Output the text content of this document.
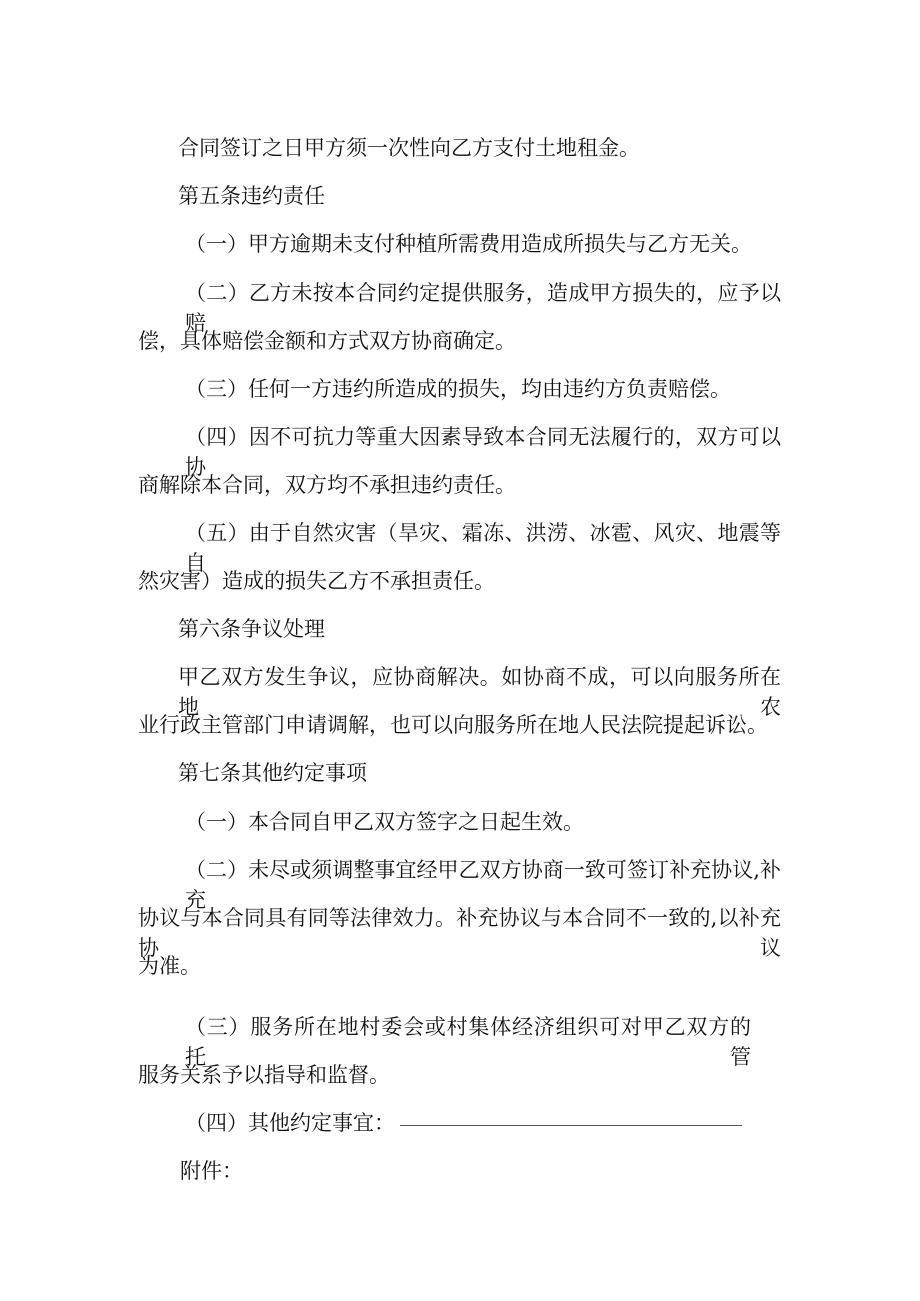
合同签订之日甲方须一次性向乙方支付土地租金。

第五条违约责任

（一）甲方逾期未支付种植所需费用造成所损失与乙方无关。

（二）乙方未按本合同约定提供服务，造成甲方损失的，应予以赔

偿，具体赔偿金额和方式双方协商确定。

（三）任何一方违约所造成的损失，均由违约方负责赔偿。

（四）因不可抗力等重大因素导致本合同无法履行的，双方可以协

商解除本合同，双方均不承担违约责任。

（五）由于自然灾害（旱灾、霜冻、洪涝、冰雹、风灾、地震等自

然灾害）造成的损失乙方不承担责任。

第六条争议处理

甲乙双方发生争议，应协商解决。如协商不成，可以向服务所在地农

业行政主管部门申请调解，也可以向服务所在地人民法院提起诉讼。

第七条其他约定事项

（一）本合同自甲乙双方签字之日起生效。

（二）未尽或须调整事宜经甲乙双方协商一致可签订补充协议,补充

协议与本合同具有同等法律效力。补充协议与本合同不一致的,以补充协议

为准。

（三）服务所在地村委会或村集体经济组织可对甲乙双方的托管

服务关系予以指导和监督。

（四）其他约定事宜：

附件：
